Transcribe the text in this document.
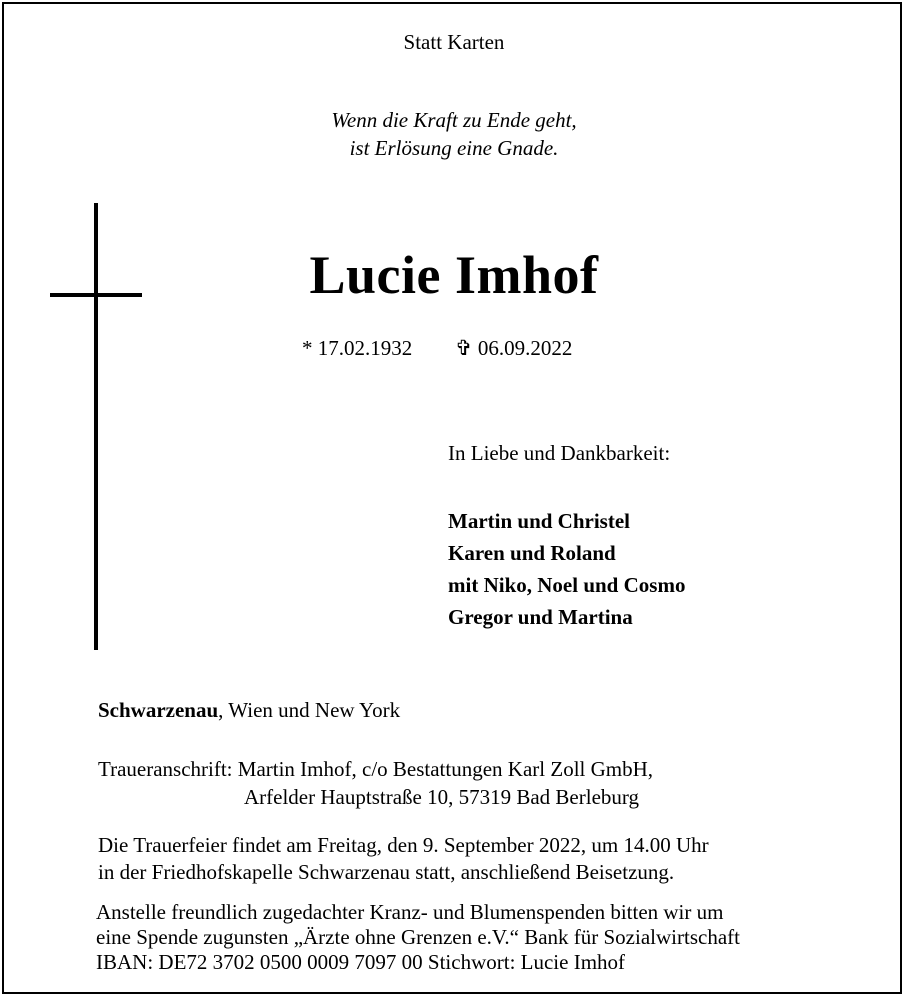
Statt Karten
Wenn die Kraft zu Ende geht,
ist Erlösung eine Gnade.
Lucie Imhof
* 17.02.1932 ✞ 06.09.2022
In Liebe und Dankbarkeit:
Martin und Christel
Karen und Roland
mit Niko, Noel und Cosmo
Gregor und Martina
Schwarzenau, Wien und New York
Traueranschrift: Martin Imhof, c/o Bestattungen Karl Zoll GmbH,
Arfelder Hauptstraße 10, 57319 Bad Berleburg
Die Trauerfeier findet am Freitag, den 9. September 2022, um 14.00 Uhr
in der Friedhofskapelle Schwarzenau statt, anschließend Beisetzung.
Anstelle freundlich zugedachter Kranz- und Blumenspenden bitten wir um
eine Spende zugunsten „Ärzte ohne Grenzen e.V.“ Bank für Sozialwirtschaft
IBAN: DE72 3702 0500 0009 7097 00 Stichwort: Lucie Imhof
